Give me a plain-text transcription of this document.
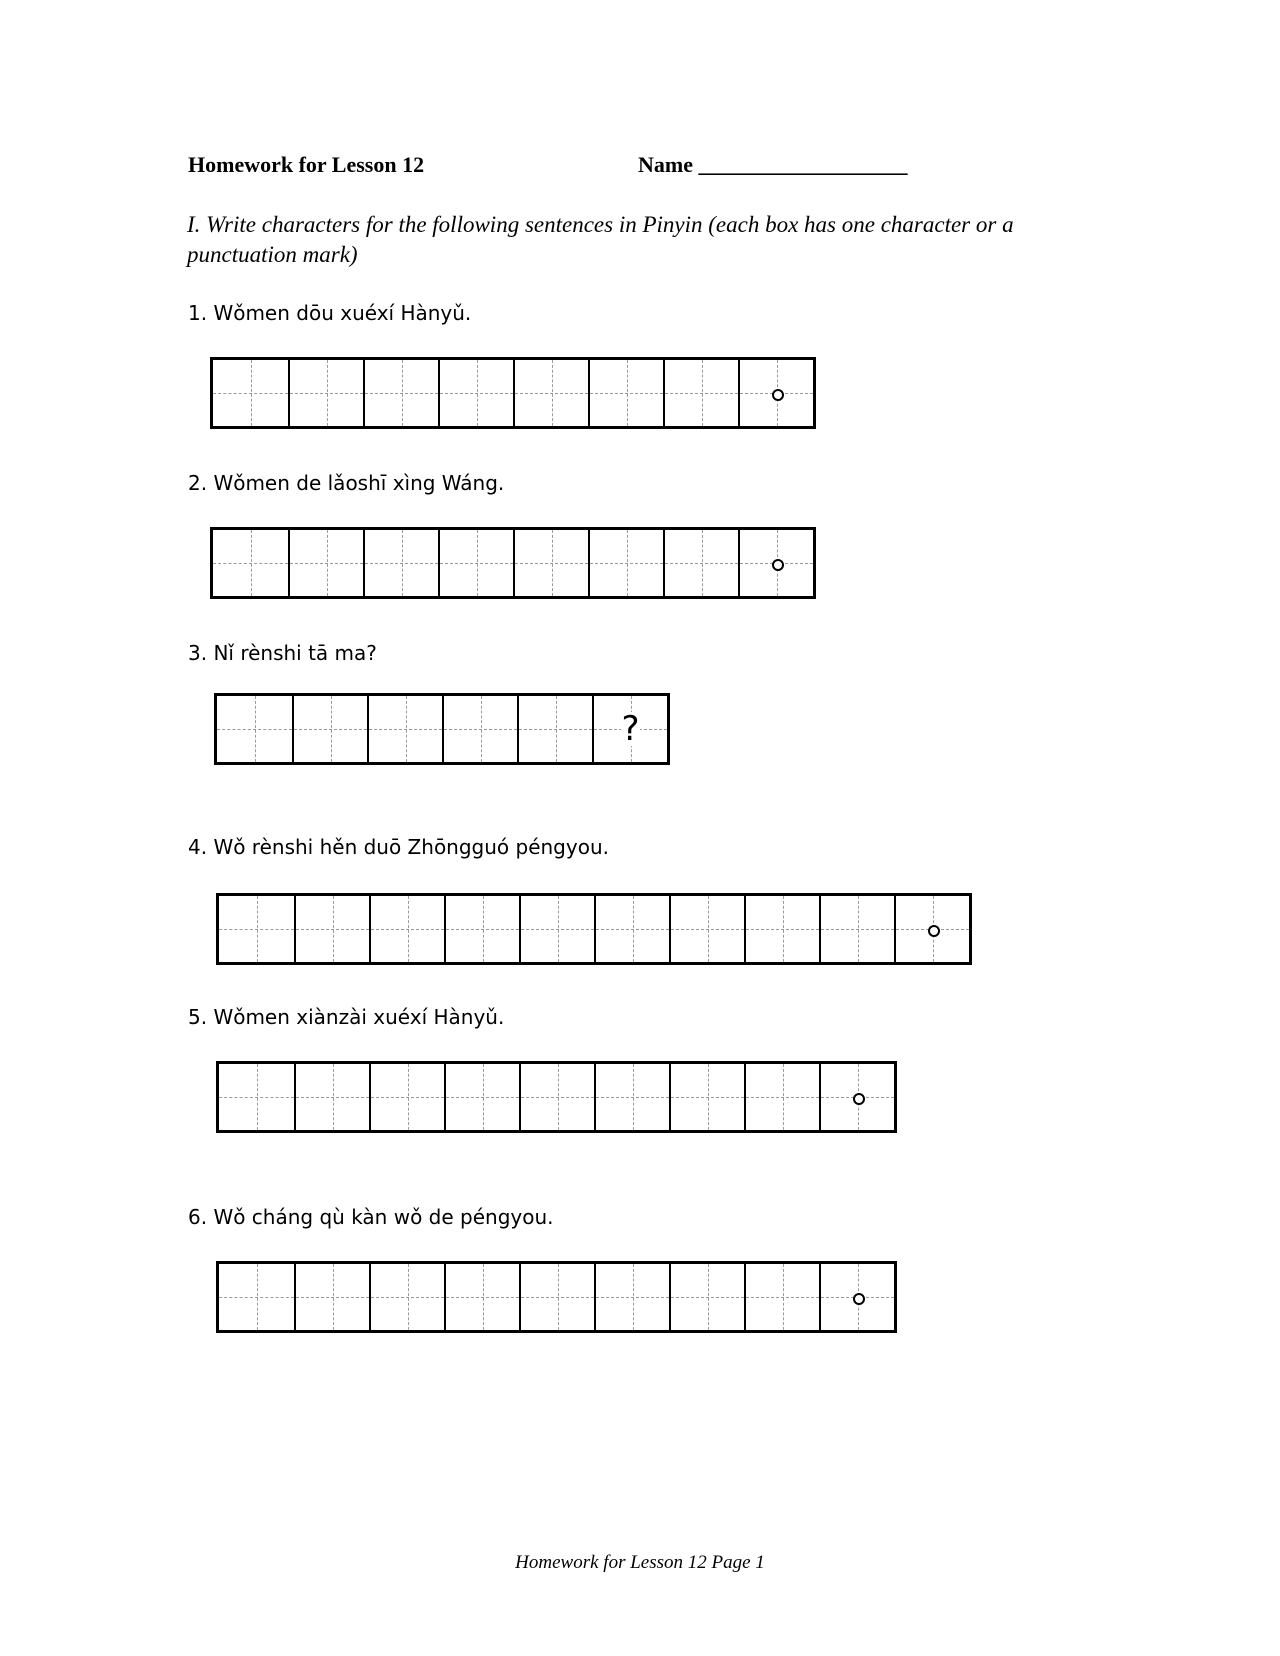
Homework for Lesson 12	Name ___________________
I. Write characters for the following sentences in Pinyin (each box has one character or a punctuation mark)
1. Wǒmen dōu xuéxí Hànyǔ.
2. Wǒmen de lǎoshī xìng Wáng.
3. Nǐ rènshi tā ma?
?
4. Wǒ rènshi hěn duō Zhōngguó péngyou.
5. Wǒmen xiànzài xuéxí Hànyǔ.
6. Wǒ cháng qù kàn wǒ de péngyou.
Homework for Lesson 12 Page 1
